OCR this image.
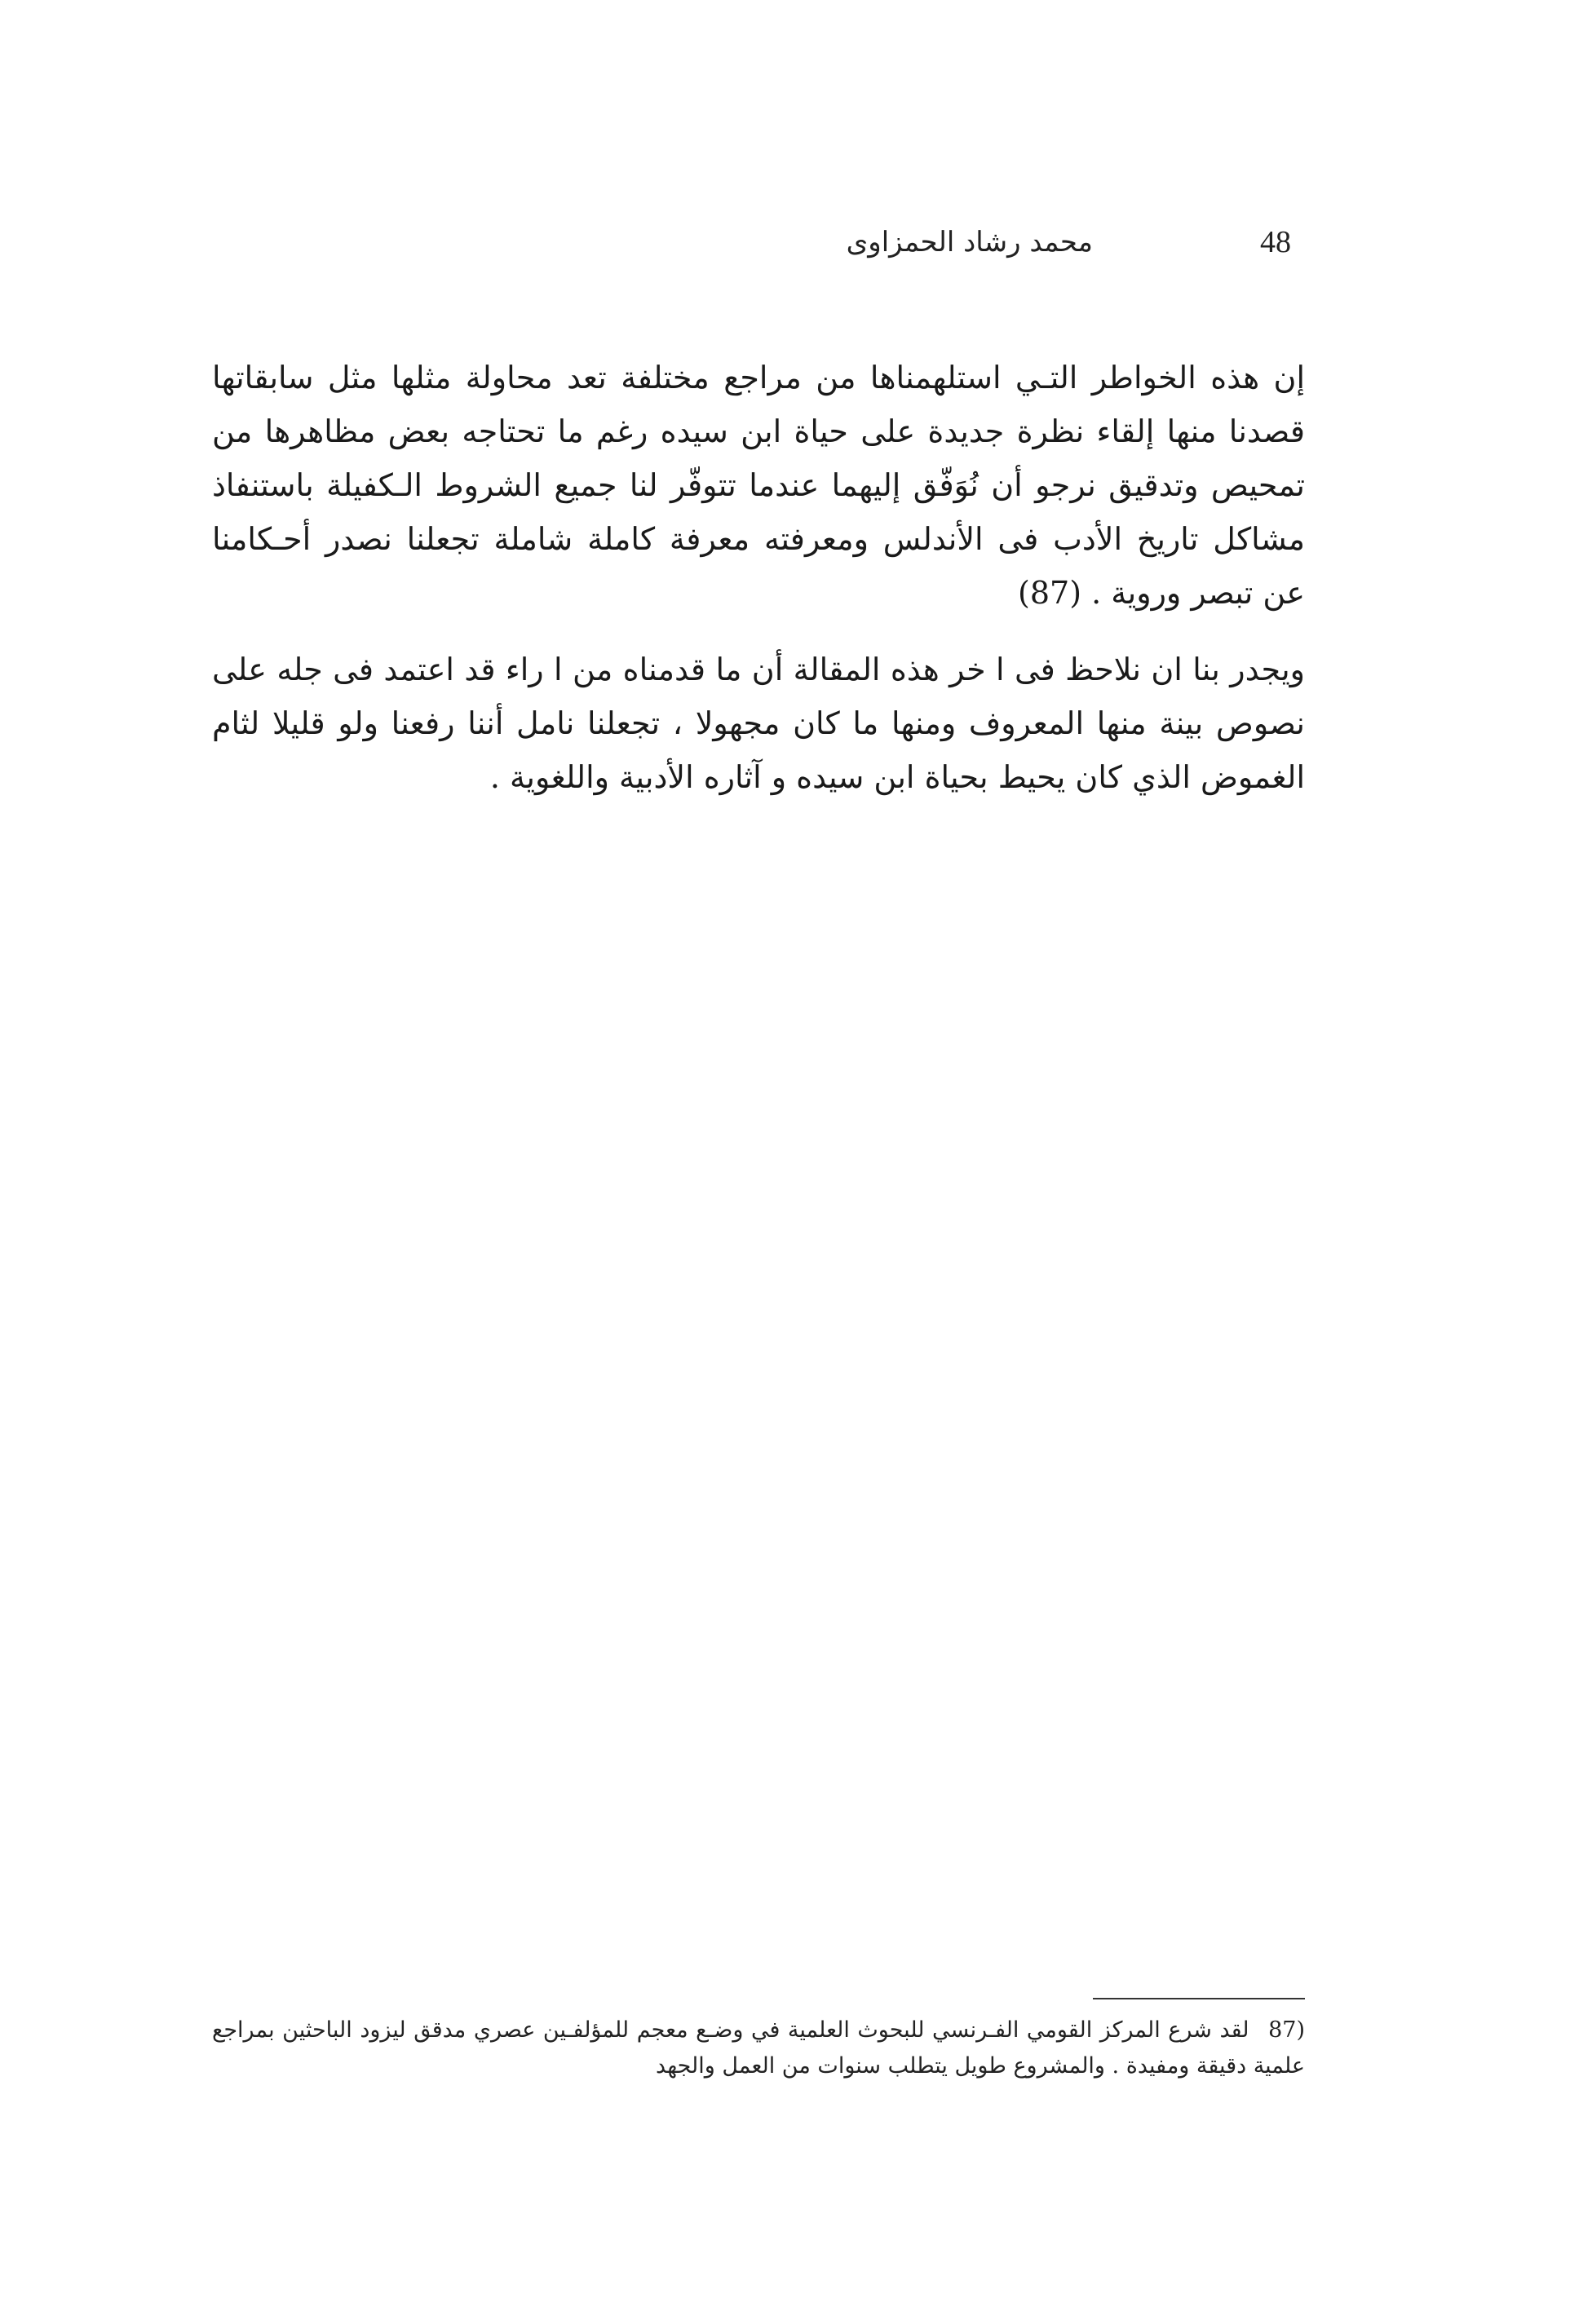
48
محمد رشاد الحمزاوى

إن هذه الخواطر التـي استلهمناها من مراجع مختلفة تعد محاولة مثلها مثل سابقاتها قصدنا منها إلقاء نظرة جديدة على حياة ابن سيده رغم ما تحتاجه بعض مظاهرها من تمحيص وتدقيق نرجو أن نُوَفّق إليهما عندما تتوفّر لنا جميع الشروط الـكفيلة باستنفاذ مشاكل تاريخ الأدب فى الأندلس ومعرفته معرفة كاملة شاملة تجعلنا نصدر أحـكامنا عن تبصر وروية . (87)

ويجدر بنا ان نلاحظ فى ا خر هذه المقالة أن ما قدمناه من ا راء قد اعتمد فى جله على نصوص بينة منها المعروف ومنها ما كان مجهولا ، تجعلنا نامل أننا رفعنا ولو قليلا لثام الغموض الذي كان يحيط بحياة ابن سيده و آثاره الأدبية واللغوية .

(87 لقد شرع المركز القومي الفـرنسي للبحوث العلمية في وضـع معجم للمؤلفـين عصري مدقق ليزود الباحثين بمراجع علمية دقيقة ومفيدة . والمشروع طويل يتطلب سنوات من العمل والجهد
